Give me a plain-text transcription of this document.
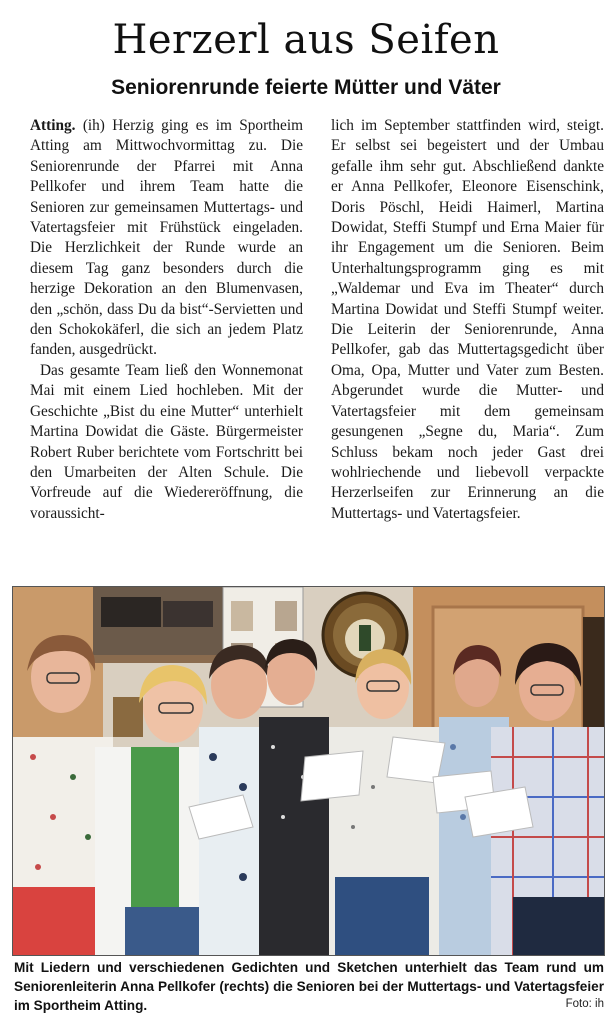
Herzerl aus Seifen
Seniorenrunde feierte Mütter und Väter

Atting. (ih) Herzig ging es im Sportheim Atting am Mittwochvormittag zu. Die Seniorenrunde der Pfarrei mit Anna Pellkofer und ihrem Team hatte die Senioren zur gemeinsamen Muttertags- und Vatertagsfeier mit Frühstück eingeladen. Die Herzlichkeit der Runde wurde an diesem Tag ganz besonders durch die herzige Dekoration an den Blumenvasen, den „schön, dass Du da bist“-Servietten und den Schokokäferl, die sich an jedem Platz fanden, ausgedrückt.

Das gesamte Team ließ den Wonnemonat Mai mit einem Lied hochleben. Mit der Geschichte „Bist du eine Mutter“ unterhielt Martina Dowidat die Gäste. Bürgermeister Robert Ruber berichtete vom Fortschritt bei den Umarbeiten der Alten Schule. Die Vorfreude auf die Wiedereröffnung, die voraussicht-

lich im September stattfinden wird, steigt. Er selbst sei begeistert und der Umbau gefalle ihm sehr gut. Abschließend dankte er Anna Pellkofer, Eleonore Eisenschink, Doris Pöschl, Heidi Haimerl, Martina Dowidat, Steffi Stumpf und Erna Maier für ihr Engagement um die Senioren. Beim Unterhaltungsprogramm ging es mit „Waldemar und Eva im Theater“ durch Martina Dowidat und Steffi Stumpf weiter. Die Leiterin der Seniorenrunde, Anna Pellkofer, gab das Muttertagsgedicht über Oma, Opa, Mutter und Vater zum Besten. Abgerundet wurde die Mutter- und Vatertagsfeier mit dem gemeinsam gesungenen „Segne du, Maria“. Zum Schluss bekam noch jeder Gast drei wohlriechende und liebevoll verpackte Herzerlseifen zur Erinnerung an die Muttertags- und Vatertagsfeier.

Mit Liedern und verschiedenen Gedichten und Sketchen unterhielt das Team rund um Seniorenleiterin Anna Pellkofer (rechts) die Senioren bei der Muttertags- und Vatertagsfeier im Sportheim Atting.	Foto: ih
